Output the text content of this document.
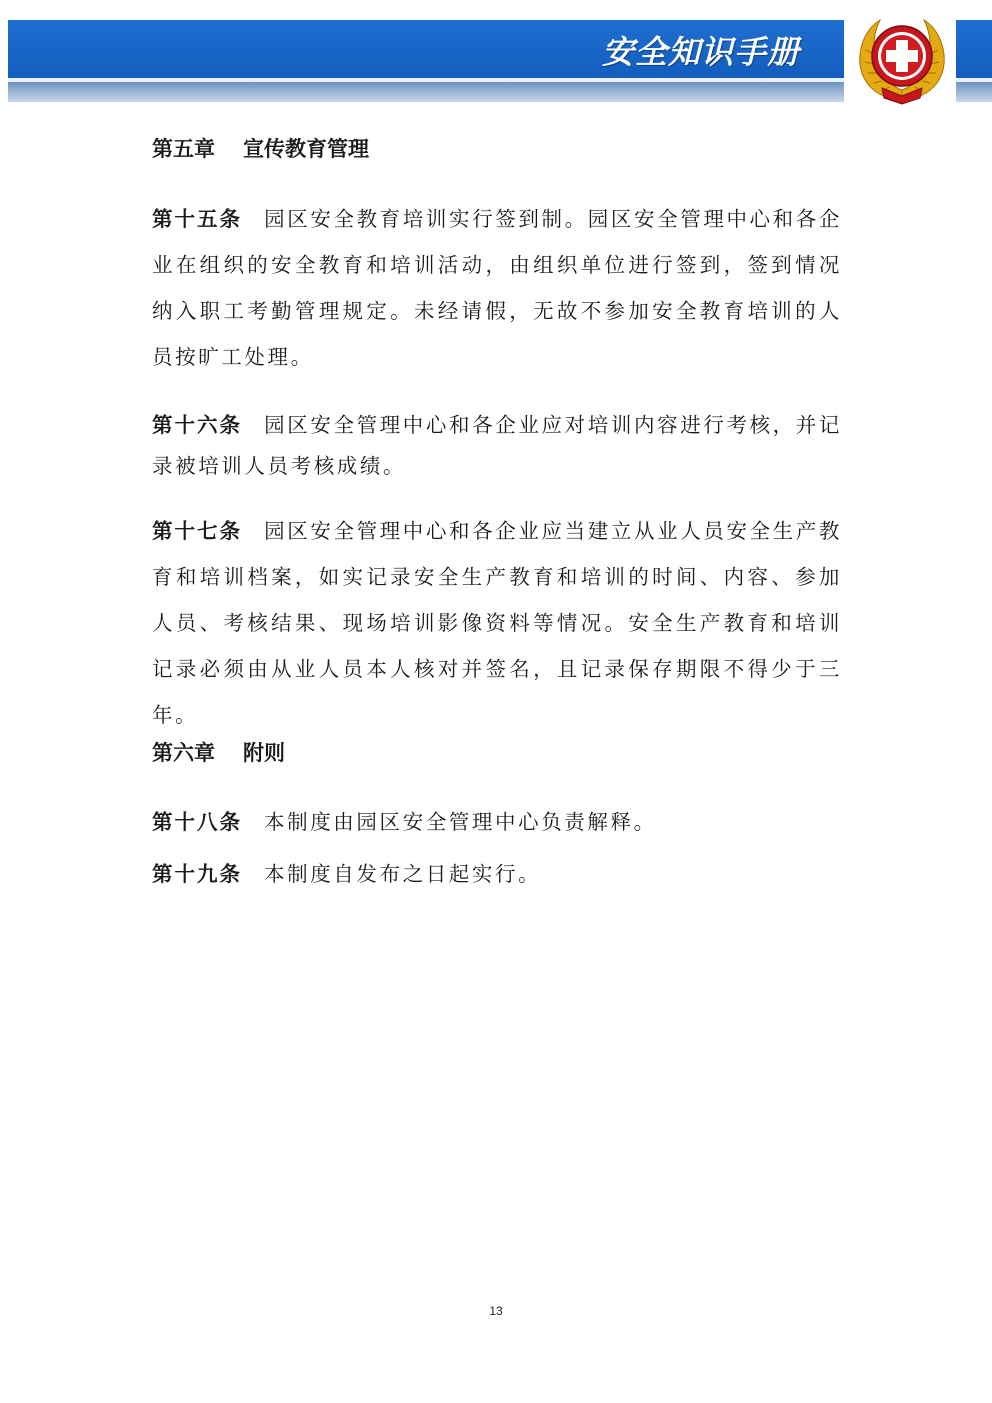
安全知识手册
第五章 宣传教育管理
第十五条 园区安全教育培训实行签到制。园区安全管理中心和各企业在组织的安全教育和培训活动，由组织单位进行签到，签到情况纳入职工考勤管理规定。未经请假，无故不参加安全教育培训的人员按旷工处理。
第十六条 园区安全管理中心和各企业应对培训内容进行考核，并记录被培训人员考核成绩。
第十七条 园区安全管理中心和各企业应当建立从业人员安全生产教育和培训档案，如实记录安全生产教育和培训的时间、内容、参加人员、考核结果、现场培训影像资料等情况。安全生产教育和培训记录必须由从业人员本人核对并签名，且记录保存期限不得少于三年。
第六章 附则
第十八条 本制度由园区安全管理中心负责解释。
第十九条 本制度自发布之日起实行。
13
